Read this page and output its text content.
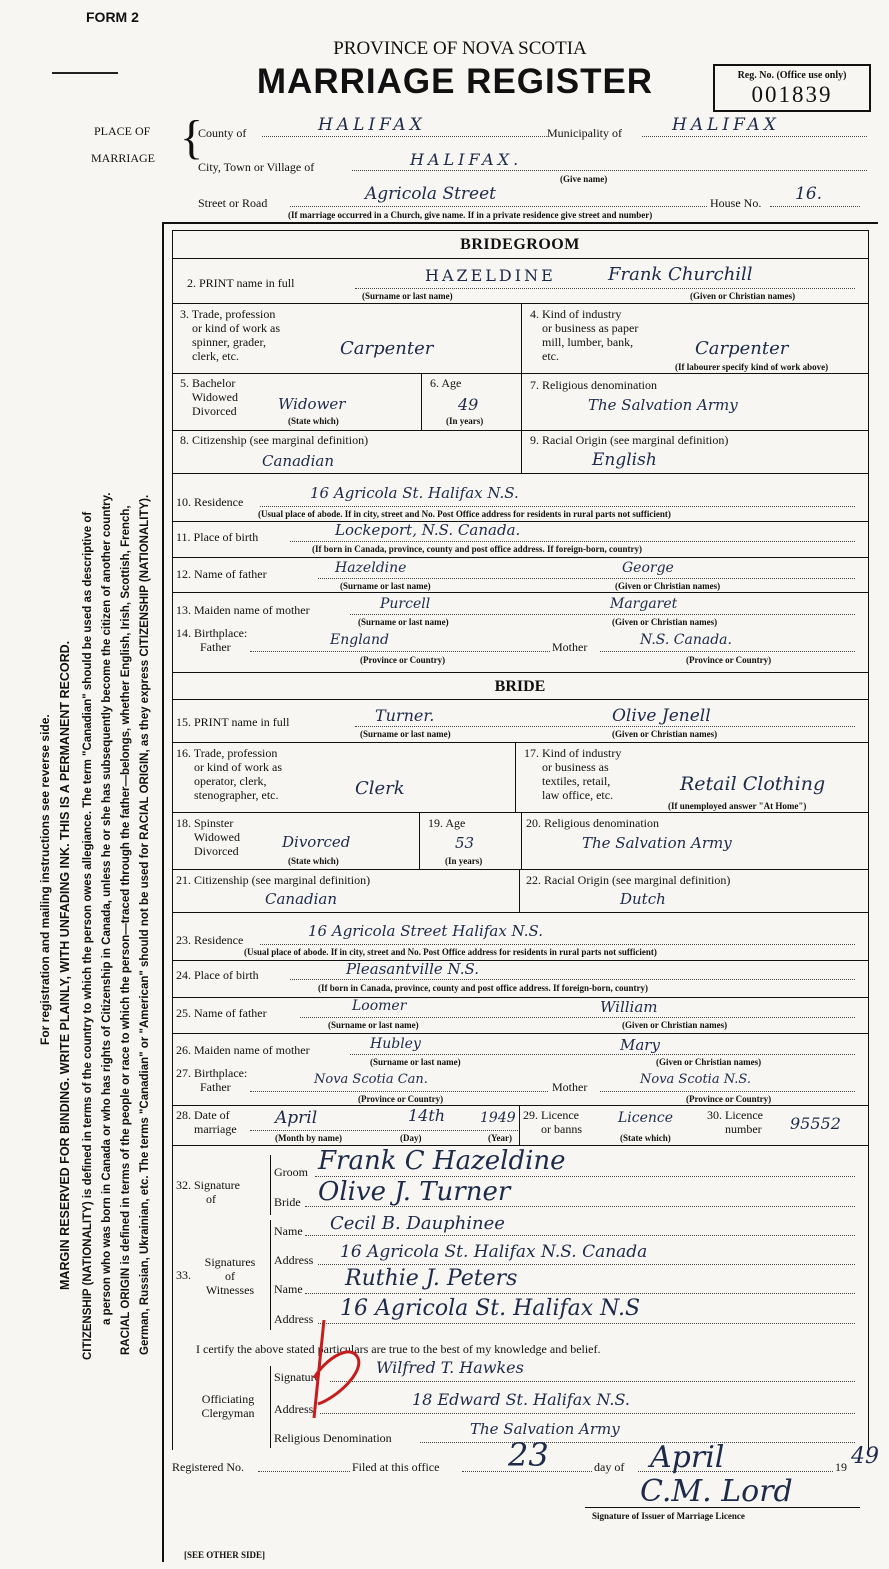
FORM 2
PROVINCE OF NOVA SCOTIA
MARRIAGE REGISTER	Reg. No. (Office use only)
001839
PLACE OF
MARRIAGE {
County of	HALIFAX	Municipality of	HALIFAX
City, Town or Village of	HALIFAX.
(Give name)
Street or Road	Agricola Street	House No. 16.
(If marriage occurred in a Church, give name. If in a private residence give street and number)
For registration and mailing instructions see reverse side. MARGIN RESERVED FOR BINDING. WRITE PLAINLY, WITH UNFADING INK. THIS IS A PERMANENT RECORD. CITIZENSHIP (NATIONALITY) is defined in terms of the country to which the person owes allegiance. The term "Canadian" should be used as descriptive of a person who was born in Canada or who has rights of Citizenship in Canada, unless he or she has subsequently become the citizen of another country. RACIAL ORIGIN is defined in terms of the people or race to which the person—traced through the father—belongs, whether English, Irish, Scottish, French, German, Russian, Ukrainian, etc. The terms "Canadian" or "American" should not be used for RACIAL ORIGIN, as they express CITIZENSHIP (NATIONALITY).
BRIDEGROOM
2. PRINT name in full	HAZELDINE	Frank Churchill
(Surname or last name)	(Given or Christian names)
3. Trade, profession
or kind of work as
spinner, grader,
clerk, etc.	Carpenter
4. Kind of industry
or business as paper
mill, lumber, bank,
etc.	Carpenter
(If labourer specify kind of work above)
5. Bachelor
Widowed
Divorced	Widower
(State which)
6. Age
49
(In years)
7. Religious denomination
The Salvation Army
8. Citizenship (see marginal definition)
Canadian
9. Racial Origin (see marginal definition)
English
10. Residence	16 Agricola St. Halifax N.S.
(Usual place of abode. If in city, street and No. Post Office address for residents in rural parts not sufficient)
11. Place of birth	Lockeport, N.S. Canada.
(If born in Canada, province, county and post office address. If foreign-born, country)
12. Name of father	Hazeldine	George
(Surname or last name)	(Given or Christian names)
13. Maiden name of mother	Purcell	Margaret
(Surname or last name)	(Given or Christian names)
14. Birthplace:
Father	England	Mother	N.S. Canada.
(Province or Country)	(Province or Country)
BRIDE
15. PRINT name in full	Turner.	Olive Jenell
(Surname or last name)	(Given or Christian names)
16. Trade, profession
or kind of work as
operator, clerk,
stenographer, etc.	Clerk
17. Kind of industry
or business as
textiles, retail,
law office, etc.	Retail Clothing
(If unemployed answer "At Home")
18. Spinster
Widowed
Divorced	Divorced
(State which)
19. Age
53
(In years)
20. Religious denomination
The Salvation Army
21. Citizenship (see marginal definition)
Canadian
22. Racial Origin (see marginal definition)
Dutch
23. Residence	16 Agricola Street Halifax N.S.
(Usual place of abode. If in city, street and No. Post Office address for residents in rural parts not sufficient)
24. Place of birth	Pleasantville N.S.
(If born in Canada, province, county and post office address. If foreign-born, country)
25. Name of father	Loomer	William
(Surname or last name)	(Given or Christian names)
26. Maiden name of mother	Hubley	Mary
(Surname or last name)	(Given or Christian names)
27. Birthplace:
Father	Nova Scotia Can.	Mother	Nova Scotia N.S.
(Province or Country)	(Province or Country)
28. Date of
marriage
April	14th 1949
(Month by name)	(Day)	(Year)
29. Licence
or banns
Licence
(State which)
30. Licence
number 95552
32. Signature
of
Groom Frank C Hazeldine
Bride Olive J. Turner
33.
Signatures
of
Witnesses
Name Cecil B. Dauphinee
Address 16 Agricola St. Halifax N.S. Canada
Name Ruthie J. Peters
Address 16 Agricola St. Halifax N.S
I certify the above stated particulars are true to the best of my knowledge and belief.
Officiating
Clergyman
Signature	Wilfred T. Hawkes
Address	18 Edward St. Halifax N.S.
Religious Denomination	The Salvation Army
Registered No.	Filed at this office 23	day of April	19 49
C.M. Lord
Signature of Issuer of Marriage Licence
[SEE OTHER SIDE]
